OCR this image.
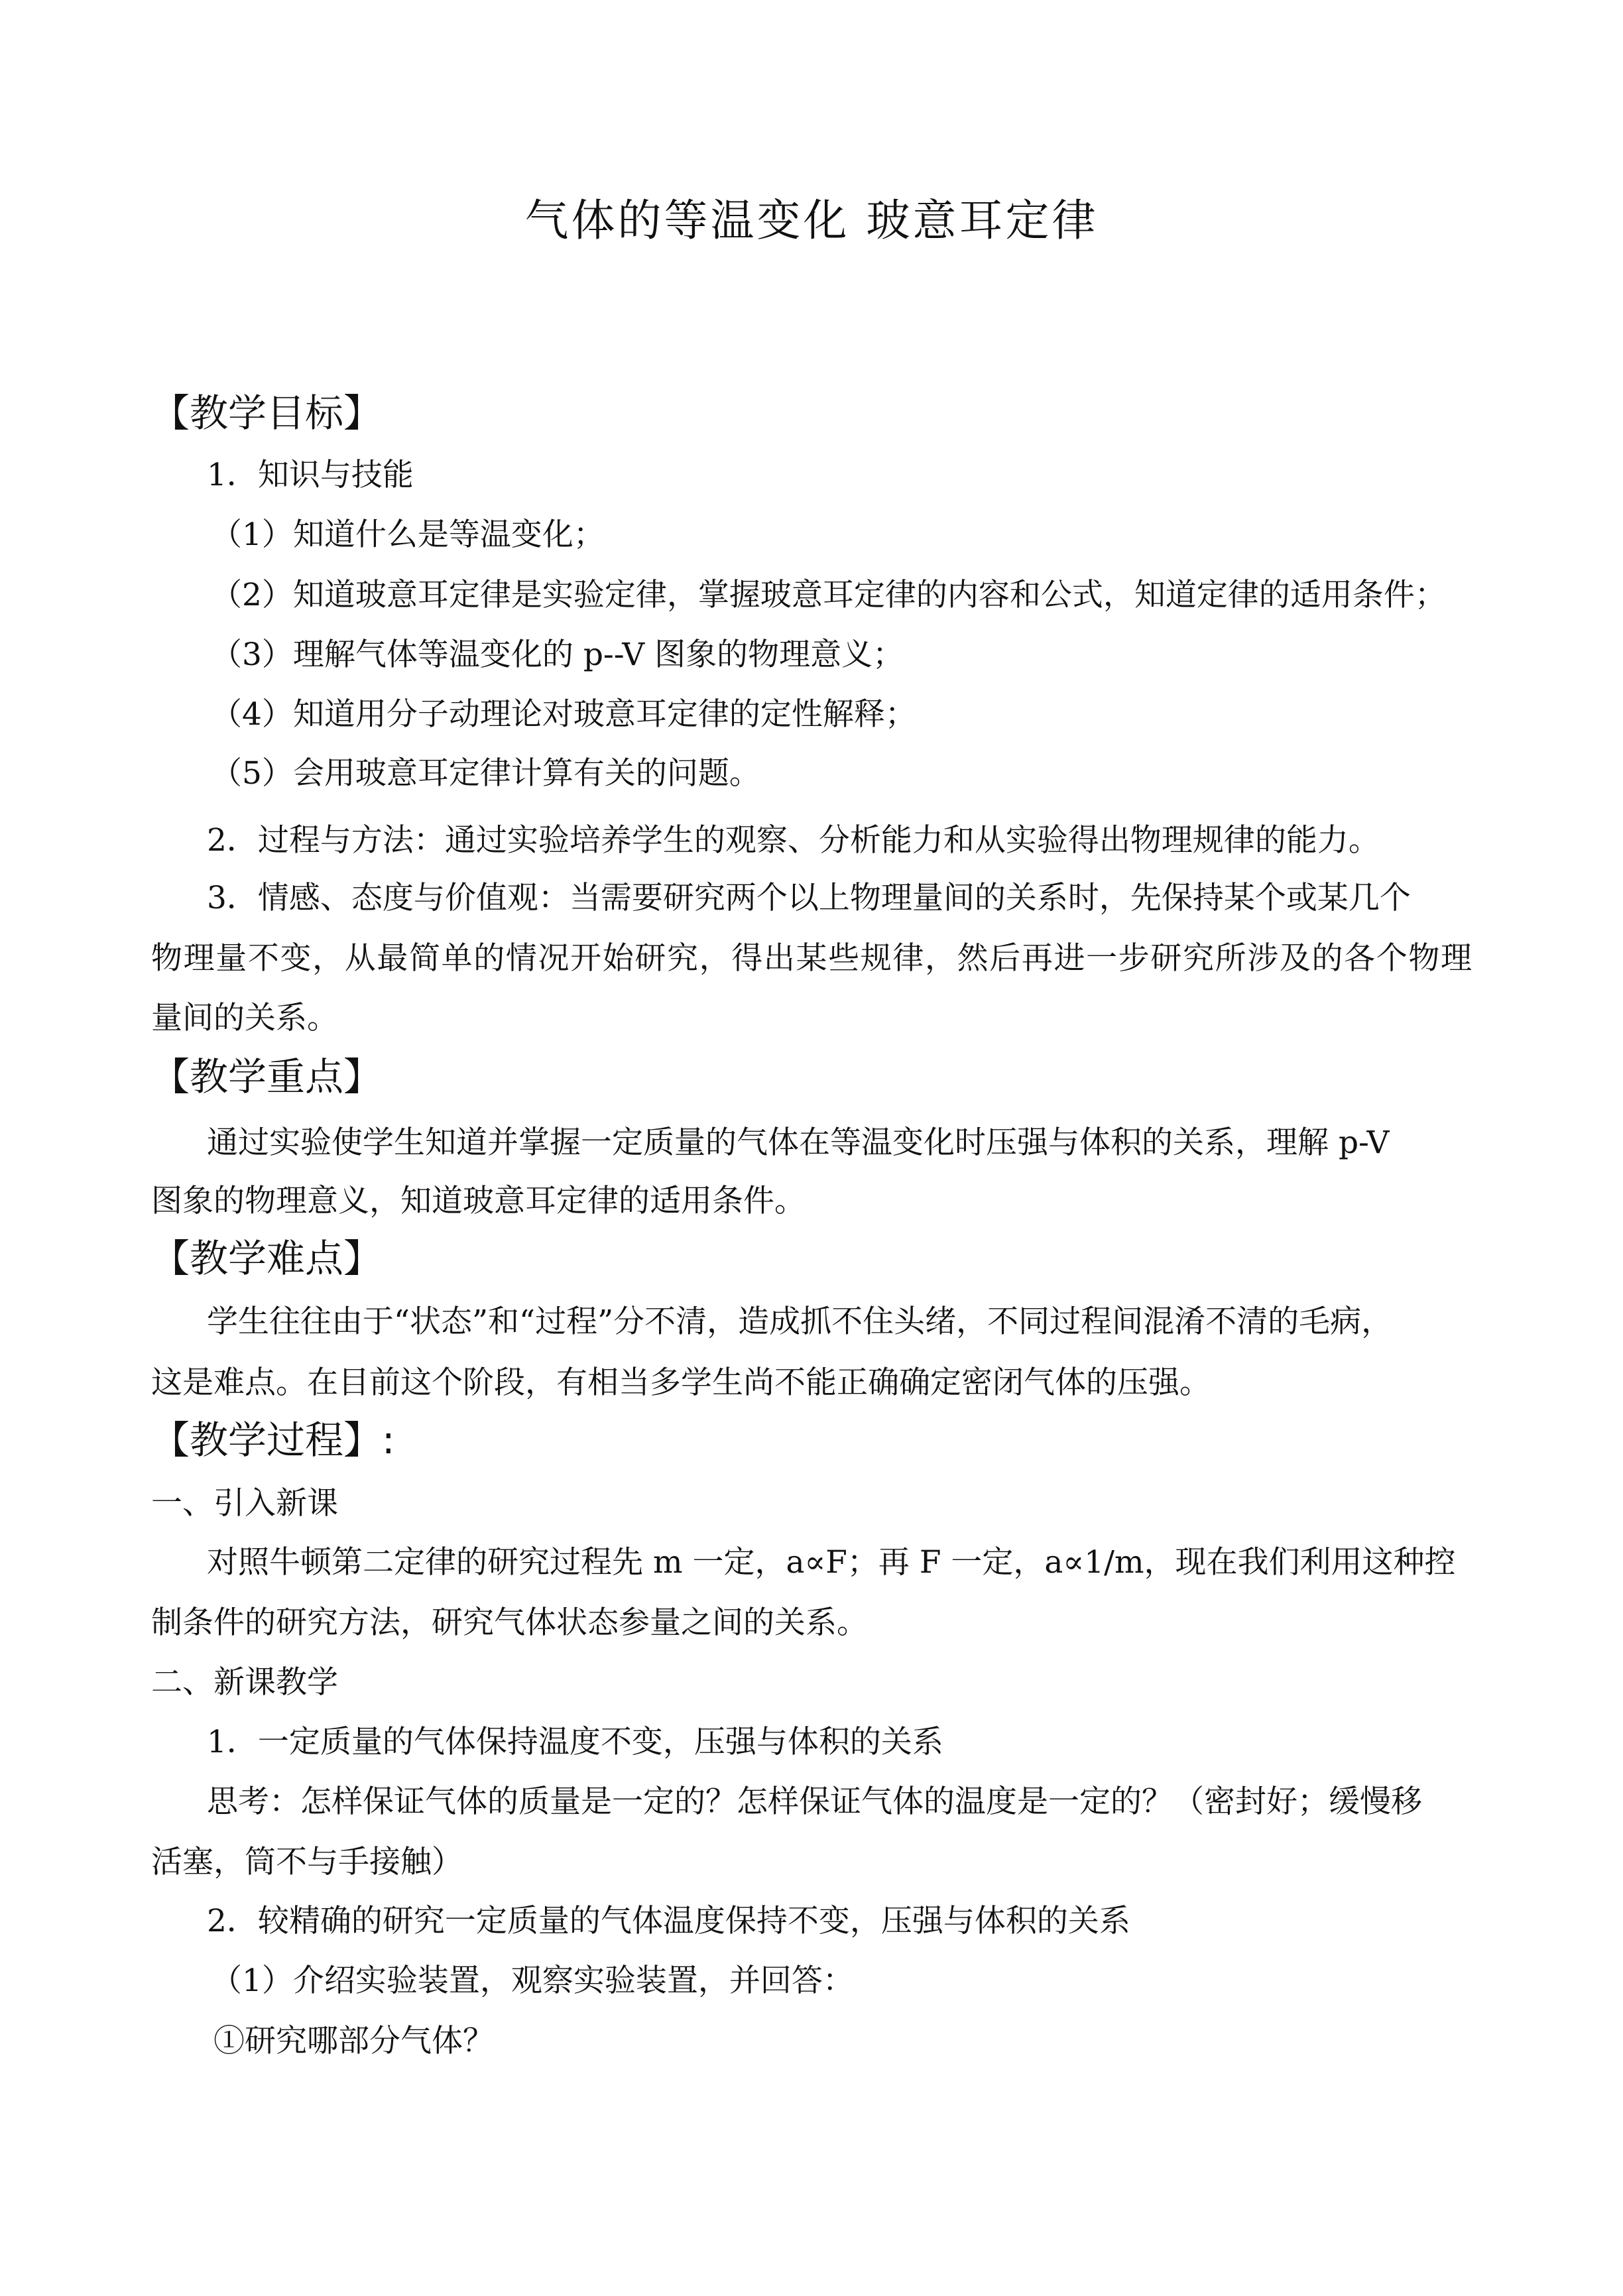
气体的等温变化 玻意耳定律
【教学目标】
1．知识与技能
（1）知道什么是等温变化；
（2）知道玻意耳定律是实验定律，掌握玻意耳定律的内容和公式，知道定律的适用条件；
（3）理解气体等温变化的 p--V 图象的物理意义；
（4）知道用分子动理论对玻意耳定律的定性解释；
（5）会用玻意耳定律计算有关的问题。
2．过程与方法：通过实验培养学生的观察、分析能力和从实验得出物理规律的能力。
3．情感、态度与价值观：当需要研究两个以上物理量间的关系时，先保持某个或某几个
物理量不变，从最简单的情况开始研究，得出某些规律，然后再进一步研究所涉及的各个物理
量间的关系。
【教学重点】
通过实验使学生知道并掌握一定质量的气体在等温变化时压强与体积的关系，理解 p-V
图象的物理意义，知道玻意耳定律的适用条件。
【教学难点】
学生往往由于“状态”和“过程”分不清，造成抓不住头绪，不同过程间混淆不清的毛病，
这是难点。在目前这个阶段，有相当多学生尚不能正确确定密闭气体的压强。
【教学过程】:
一、引入新课
对照牛顿第二定律的研究过程先 m 一定，a∝F；再 F 一定，a∝1/m，现在我们利用这种控
制条件的研究方法，研究气体状态参量之间的关系。
二、新课教学
1．一定质量的气体保持温度不变，压强与体积的关系
思考：怎样保证气体的质量是一定的？怎样保证气体的温度是一定的？（密封好；缓慢移
活塞，筒不与手接触）
2．较精确的研究一定质量的气体温度保持不变，压强与体积的关系
（1）介绍实验装置，观察实验装置，并回答：
①研究哪部分气体？
